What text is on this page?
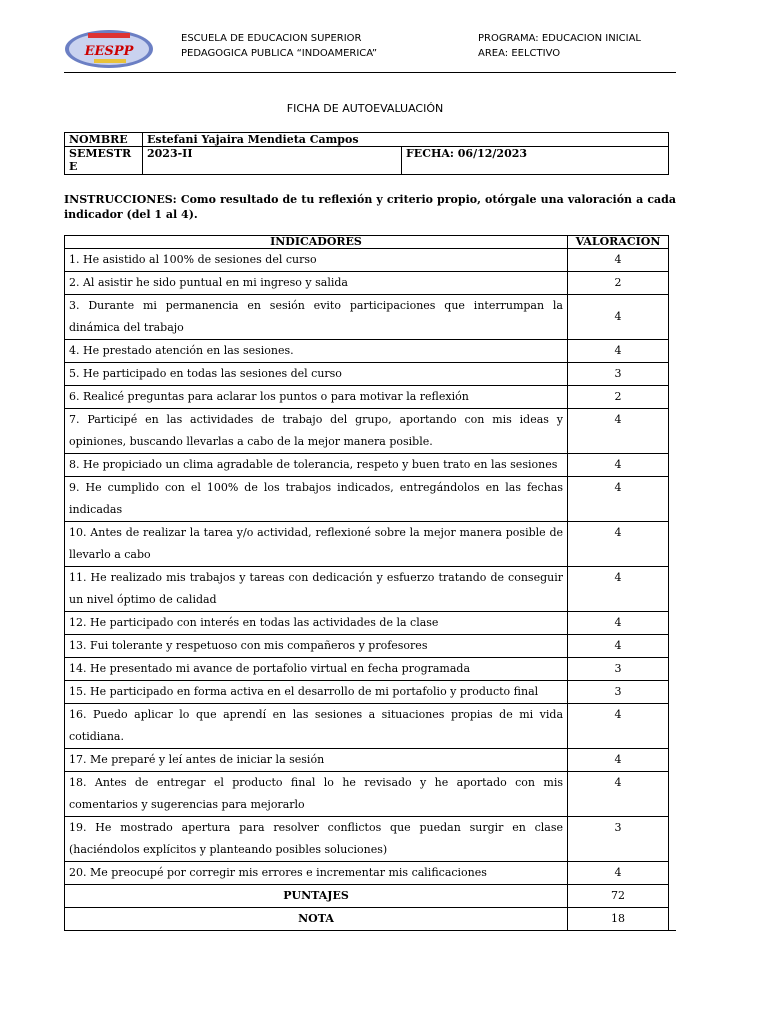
EESPP
ESCUELA DE EDUCACION SUPERIOR
PEDAGOGICA PUBLICA “INDOAMERICA”
PROGRAMA: EDUCACION INICIAL
AREA: EELCTIVO
FICHA DE AUTOEVALUACIÓN
NOMBRE	Estefani Yajaira Mendieta Campos	

SEMESTR
E	2023-II	FECHA: 06/12/2023
INSTRUCCIONES: Como resultado de tu reflexión y criterio propio, otórgale una valoración a cada indicador (del 1 al 4).
INDICADORES	VALORACION
1. He asistido al 100% de sesiones del curso	4
2. Al asistir he sido puntual en mi ingreso y salida	2
3. Durante mi permanencia en sesión evito participaciones que interrumpan la dinámica del trabajo	4
4. He prestado atención en las sesiones.	4
5. He participado en todas las sesiones del curso	3
6. Realicé preguntas para aclarar los puntos o para motivar la reflexión	2
7. Participé en las actividades de trabajo del grupo, aportando con mis ideas y opiniones, buscando llevarlas a cabo de la mejor manera posible.	4
8. He propiciado un clima agradable de tolerancia, respeto y buen trato en las sesiones	4
9. He cumplido con el 100% de los trabajos indicados, entregándolos en las fechas indicadas	4
10. Antes de realizar la tarea y/o actividad, reflexioné sobre la mejor manera posible de llevarlo a cabo	4
11. He realizado mis trabajos y tareas con dedicación y esfuerzo tratando de conseguir un nivel óptimo de calidad	4
12. He participado con interés en todas las actividades de la clase	4
13. Fui tolerante y respetuoso con mis compañeros y profesores	4
14. He presentado mi avance de portafolio virtual en fecha programada	3
15. He participado en forma activa en el desarrollo de mi portafolio y producto final	3
16. Puedo aplicar lo que aprendí en las sesiones a situaciones propias de mi vida cotidiana.	4
17. Me preparé y leí antes de iniciar la sesión	4
18. Antes de entregar el producto final lo he revisado y he aportado con mis comentarios y sugerencias para mejorarlo	4
19. He mostrado apertura para resolver conflictos que puedan surgir en clase (haciéndolos explícitos y planteando posibles soluciones)	3
20. Me preocupé por corregir mis errores e incrementar mis calificaciones	4
PUNTAJES	72
NOTA	18
